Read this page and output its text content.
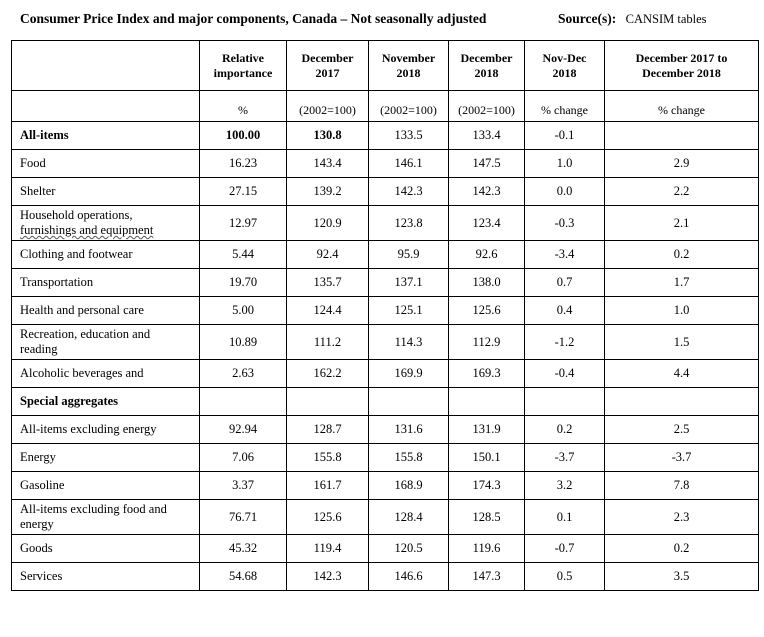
Consumer Price Index and major components, Canada – Not seasonally adjusted	Source(s): CANSIM tables
	Relative importance	December 2017	November 2018	December 2018	Nov-Dec 2018	December 2017 to December 2018
	%	(2002=100)	(2002=100)	(2002=100)	% change	% change
All-items	100.00	130.8	133.5	133.4	-0.1	
Food	16.23	143.4	146.1	147.5	1.0	2.9
Shelter	27.15	139.2	142.3	142.3	0.0	2.2
Household operations,
furnishings and equipment	12.97	120.9	123.8	123.4	-0.3	2.1
Clothing and footwear	5.44	92.4	95.9	92.6	-3.4	0.2
Transportation	19.70	135.7	137.1	138.0	0.7	1.7
Health and personal care	5.00	124.4	125.1	125.6	0.4	1.0
Recreation, education and
reading	10.89	111.2	114.3	112.9	-1.2	1.5
Alcoholic beverages and	2.63	162.2	169.9	169.3	-0.4	4.4
Special aggregates						
All-items excluding energy	92.94	128.7	131.6	131.9	0.2	2.5
Energy	7.06	155.8	155.8	150.1	-3.7	-3.7
Gasoline	3.37	161.7	168.9	174.3	3.2	7.8
All-items excluding food and
energy	76.71	125.6	128.4	128.5	0.1	2.3
Goods	45.32	119.4	120.5	119.6	-0.7	0.2
Services	54.68	142.3	146.6	147.3	0.5	3.5
